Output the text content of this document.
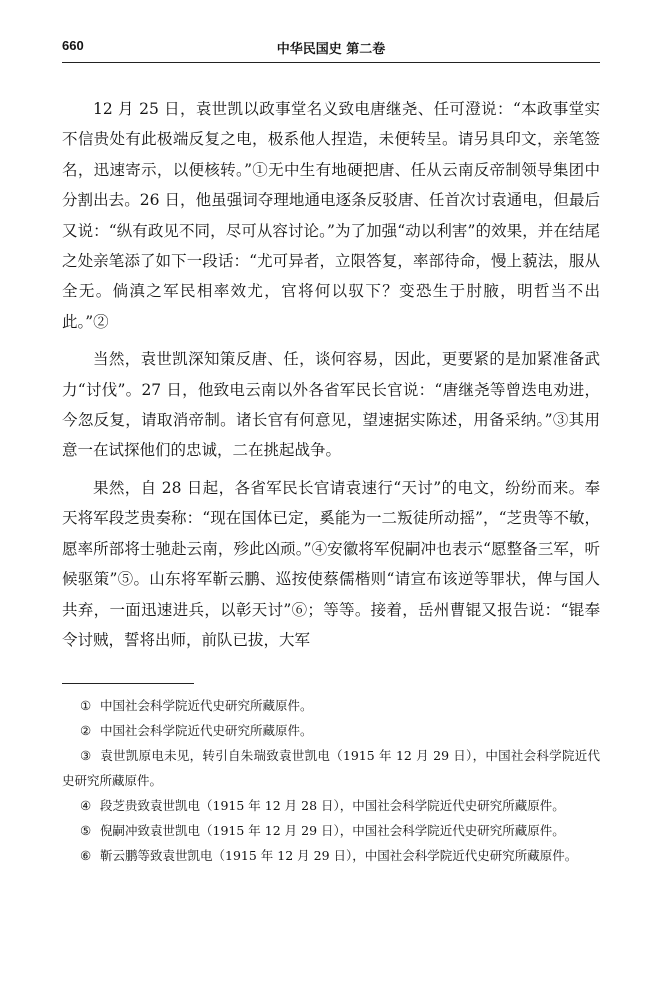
660	中华民国史 第二卷

12 月 25 日，袁世凯以政事堂名义致电唐继尧、任可澄说：“本政事堂实不信贵处有此极端反复之电，极系他人捏造，未便转呈。请另具印文，亲笔签名，迅速寄示，以便核转。”①无中生有地硬把唐、任从云南反帝制领导集团中分割出去。26 日，他虽强词夺理地通电逐条反驳唐、任首次讨袁通电，但最后又说：“纵有政见不同，尽可从容讨论。”为了加强“动以利害”的效果，并在结尾之处亲笔添了如下一段话：“尤可异者，立限答复，率部待命，慢上藐法，服从全无。倘滇之军民相率效尤，官将何以驭下？变恐生于肘腋，明哲当不出此。”②

当然，袁世凯深知策反唐、任，谈何容易，因此，更要紧的是加紧准备武力“讨伐”。27 日，他致电云南以外各省军民长官说：“唐继尧等曾迭电劝进，今忽反复，请取消帝制。诸长官有何意见，望速据实陈述，用备采纳。”③其用意一在试探他们的忠诚，二在挑起战争。

果然，自 28 日起，各省军民长官请袁速行“天讨”的电文，纷纷而来。奉天将军段芝贵奏称：“现在国体已定，奚能为一二叛徒所动摇”，“芝贵等不敏，愿率所部将士驰赴云南，殄此凶顽。”④安徽将军倪嗣冲也表示“愿整备三军，听候驱策”⑤。山东将军靳云鹏、巡按使蔡儒楷则“请宣布该逆等罪状，俾与国人共弃，一面迅速进兵，以彰天讨”⑥；等等。接着，岳州曹锟又报告说：“锟奉令讨贼，誓将出师，前队已拔，大军

① 中国社会科学院近代史研究所藏原件。

② 中国社会科学院近代史研究所藏原件。

③ 袁世凯原电未见，转引自朱瑞致袁世凯电（1915 年 12 月 29 日），中国社会科学院近代史研究所藏原件。

④ 段芝贵致袁世凯电（1915 年 12 月 28 日），中国社会科学院近代史研究所藏原件。

⑤ 倪嗣冲致袁世凯电（1915 年 12 月 29 日），中国社会科学院近代史研究所藏原件。

⑥ 靳云鹏等致袁世凯电（1915 年 12 月 29 日），中国社会科学院近代史研究所藏原件。
